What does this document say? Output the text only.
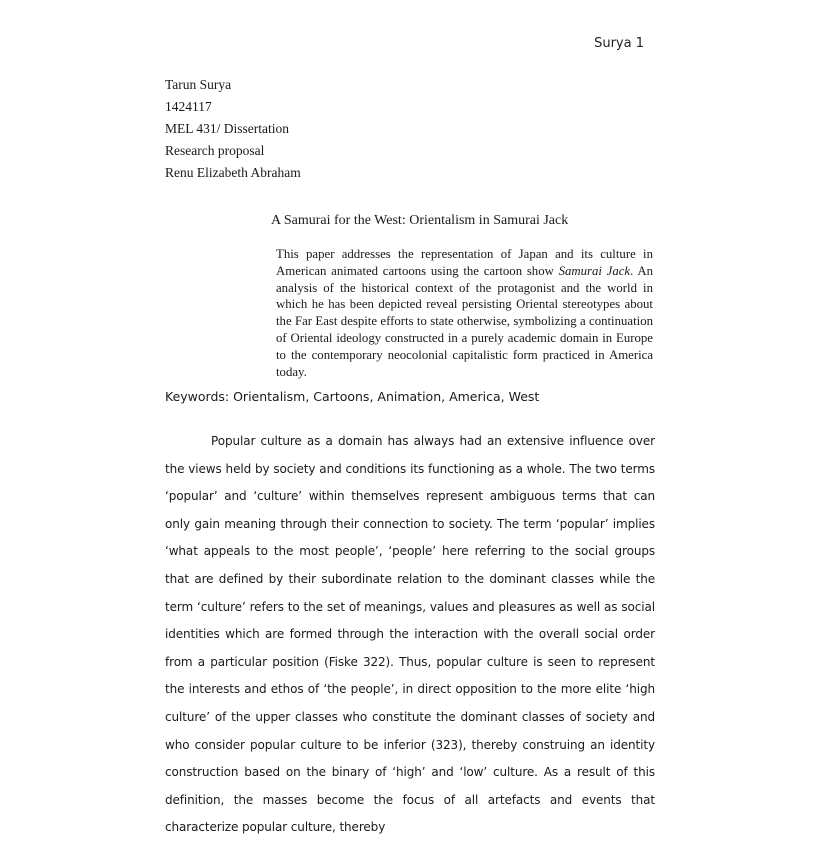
Surya 1
Tarun Surya
1424117
MEL 431/ Dissertation
Research proposal
Renu Elizabeth Abraham
A Samurai for the West: Orientalism in Samurai Jack
This paper addresses the representation of Japan and its culture in American animated cartoons using the cartoon show Samurai Jack. An analysis of the historical context of the protagonist and the world in which he has been depicted reveal persisting Oriental stereotypes about the Far East despite efforts to state otherwise, symbolizing a continuation of Oriental ideology constructed in a purely academic domain in Europe to the contemporary neocolonial capitalistic form practiced in America today.
Keywords: Orientalism, Cartoons, Animation, America, West
Popular culture as a domain has always had an extensive influence over the views held by society and conditions its functioning as a whole. The two terms ‘popular’ and ‘culture’ within themselves represent ambiguous terms that can only gain meaning through their connection to society. The term ‘popular’ implies ‘what appeals to the most people’, ‘people’ here referring to the social groups that are defined by their subordinate relation to the dominant classes while the term ‘culture’ refers to the set of meanings, values and pleasures as well as social identities which are formed through the interaction with the overall social order from a particular position (Fiske 322). Thus, popular culture is seen to represent the interests and ethos of ‘the people’, in direct opposition to the more elite ‘high culture’ of the upper classes who constitute the dominant classes of society and who consider popular culture to be inferior (323), thereby construing an identity construction based on the binary of ‘high’ and ‘low’ culture. As a result of this definition, the masses become the focus of all artefacts and events that characterize popular culture, thereby
